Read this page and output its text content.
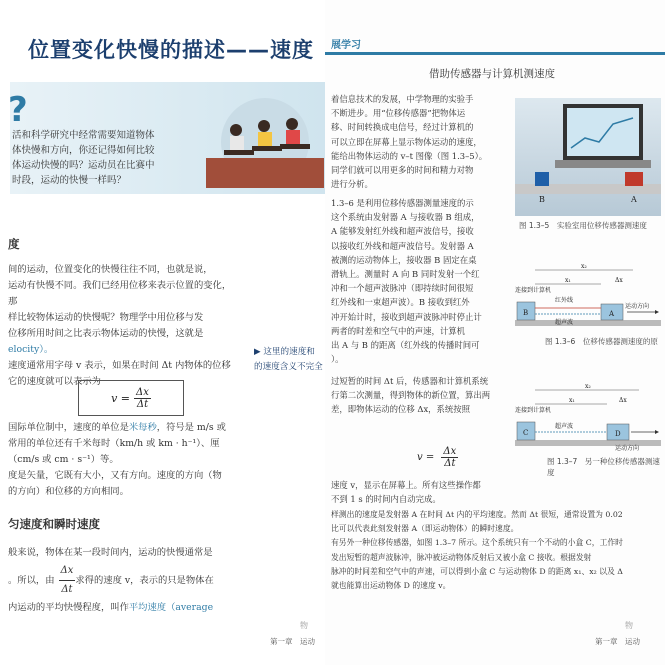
位置变化快慢的描述——速度
?
活和科学研究中经常需要知道物体
体快慢和方向，你还记得如何比较
体运动快慢的吗？运动员在比赛中
时段，运动的快慢一样吗？
度
间的运动，位置变化的快慢往往不同，也就是说，
运动有快慢不同。我们已经用位移来表示位置的变化，那
样比较物体运动的快慢呢？物理学中用位移与发
位移所用时间之比表示物体运动的快慢，这就是
elocity）。
速度通常用字母 v 表示，如果在时间 Δt 内物体的位移
它的速度就可以表示为
$v = \frac{\Delta x}{\Delta t}$
▶ 这里的速度和
的速度含义不完全
国际单位制中，速度的单位是米每秒，符号是 m/s 或
常用的单位还有千米每时（km/h 或 km · h⁻¹）、厘
（cm/s 或 cm · s⁻¹）等。
度是矢量，它既有大小，又有方向。速度的方向（物
的方向）和位移的方向相同。
匀速度和瞬时速度
般来说，物体在某一段时间内，运动的快慢通常是
。所以，由 $\frac{\Delta x}{\Delta t}$ 求得的速度 v，表示的只是物体在
内运动的平均快慢程度，叫作平均速度（average
物
第一章　运动
展学习
借助传感器与计算机测速度
着信息技术的发展，中学物理的实验手
不断进步。用“位移传感器”把物体运
移、时间转换成电信号，经过计算机的
可以立即在屏幕上显示物体运动的速度，
能给出物体运动的 v–t 图像（图 1.3–5）。
同学们就可以用更多的时间和精力对物
进行分析。
1.3–6 是利用位移传感器测量速度的示
这个系统由发射器 A 与接收器 B 组成，
A 能够发射红外线和超声波信号，接收
以接收红外线和超声波信号。发射器 A
被测的运动物体上，接收器 B 固定在桌
滑轨上。测量时 A 向 B 同时发射一个红
冲和一个超声波脉冲（即持续时间很短
红外线和一束超声波）。B 接收到红外
冲开始计时，接收到超声波脉冲时停止计
两者的时差和空气中的声速，计算机
出 A 与 B 的距离（红外线的传播时间可
）。
过短暂的时间 Δt 后，传感器和计算机系统
行第二次测量，得到物体的新位置，算出两
差，即物体运动的位移 Δx，系统按照
$v = \frac{\Delta x}{\Delta t}$
速度 v，显示在屏幕上。所有这些操作都
不到 1 s 的时间内自动完成。
样测出的速度是发射器 A 在时间 Δt 内的平均速度。然而 Δt 很短，通常设置为 0.02
比可以代表此刻发射器 A（即运动物体）的瞬时速度。
有另外一种位移传感器，如图 1.3–7 所示。这个系统只有一个不动的小盒 C，工作时
发出短暂的超声波脉冲，脉冲被运动物体反射后又被小盒 C 接收。根据发射
脉冲的时间差和空气中的声速，可以得到小盒 C 与运动物体 D 的距离 x₁、x₂ 以及 Δ
就也能算出运动物体 D 的速度 v。
B	A
图 1.3–5　实验室用位移传感器测速度
连接到计算机
红外线
超声波
运动方向
B	A
x₂
x₁	Δx
图 1.3–6　位移传感器测速度的原
连接到计算机
超声波
运动方向
C	D
x₂
x₁	Δx
图 1.3–7　另一种位移传感器测速度
物
第一章　运动
